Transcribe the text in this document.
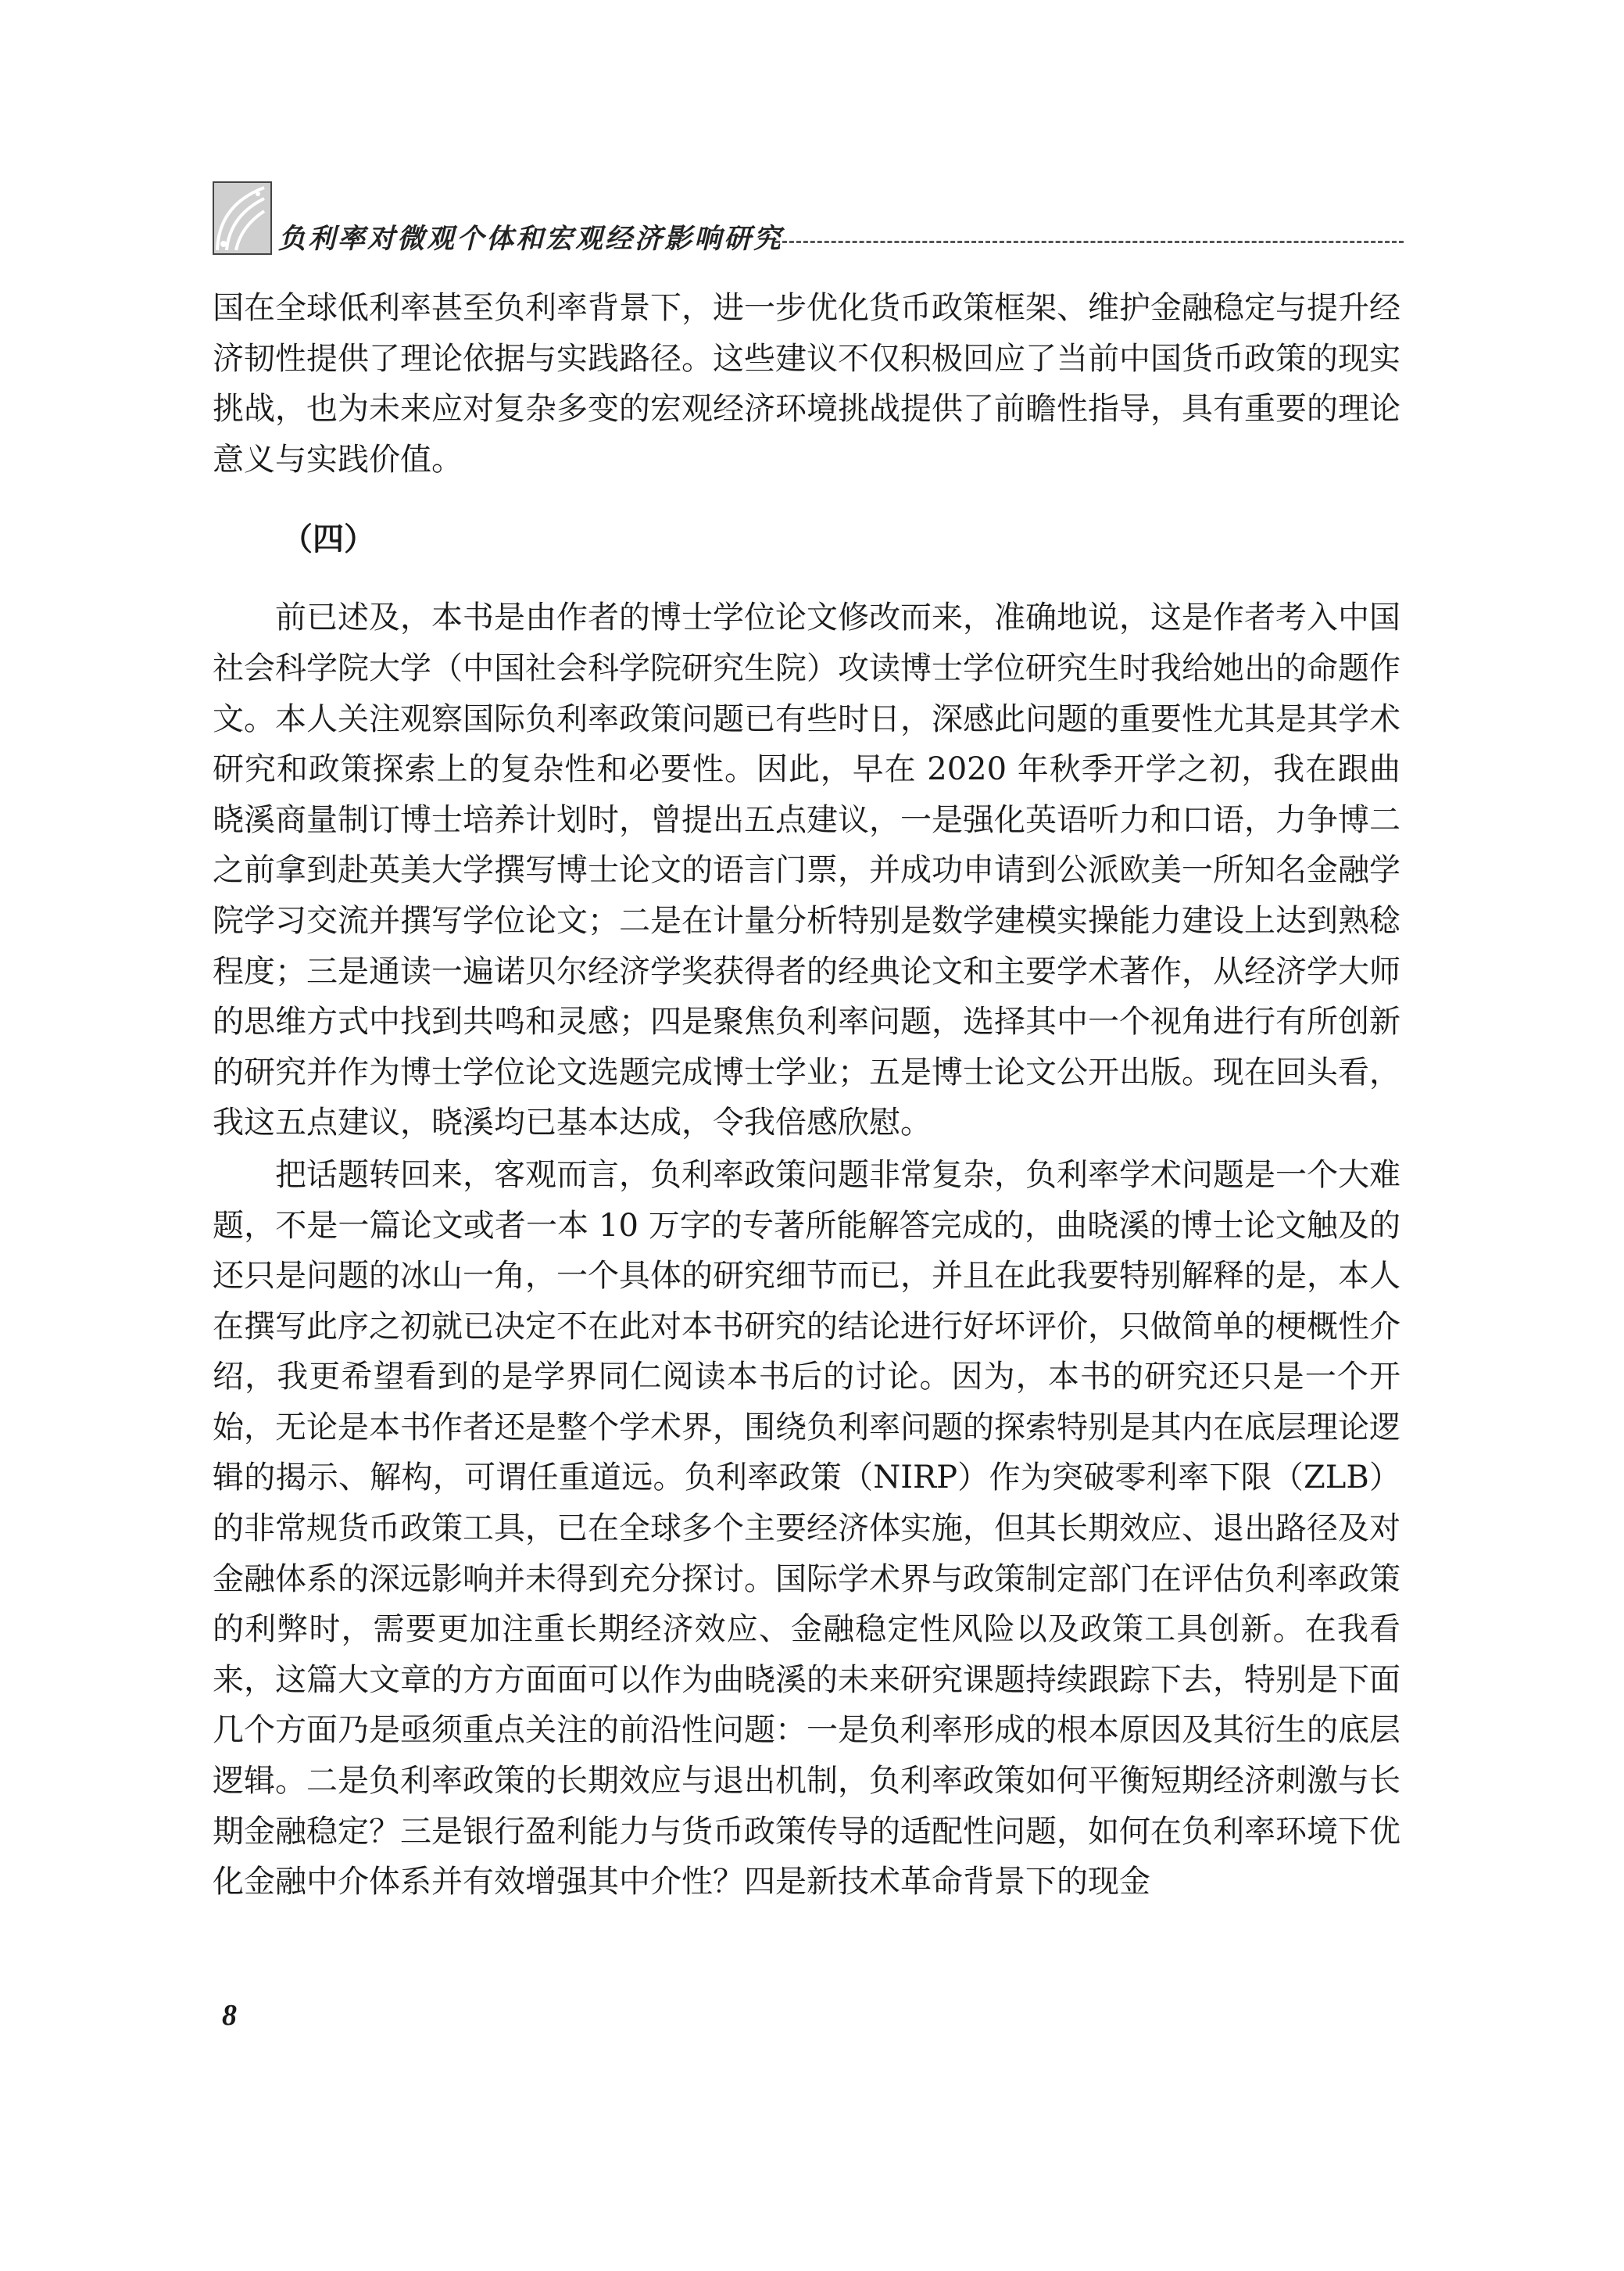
负利率对微观个体和宏观经济影响研究

国在全球低利率甚至负利率背景下，进一步优化货币政策框架、维护金融稳定与提升经济韧性提供了理论依据与实践路径。这些建议不仅积极回应了当前中国货币政策的现实挑战，也为未来应对复杂多变的宏观经济环境挑战提供了前瞻性指导，具有重要的理论意义与实践价值。

（四）

前已述及，本书是由作者的博士学位论文修改而来，准确地说，这是作者考入中国社会科学院大学（中国社会科学院研究生院）攻读博士学位研究生时我给她出的命题作文。本人关注观察国际负利率政策问题已有些时日，深感此问题的重要性尤其是其学术研究和政策探索上的复杂性和必要性。因此，早在 2020 年秋季开学之初，我在跟曲晓溪商量制订博士培养计划时，曾提出五点建议，一是强化英语听力和口语，力争博二之前拿到赴英美大学撰写博士论文的语言门票，并成功申请到公派欧美一所知名金融学院学习交流并撰写学位论文；二是在计量分析特别是数学建模实操能力建设上达到熟稔程度；三是通读一遍诺贝尔经济学奖获得者的经典论文和主要学术著作，从经济学大师的思维方式中找到共鸣和灵感；四是聚焦负利率问题，选择其中一个视角进行有所创新的研究并作为博士学位论文选题完成博士学业；五是博士论文公开出版。现在回头看，我这五点建议，晓溪均已基本达成，令我倍感欣慰。

把话题转回来，客观而言，负利率政策问题非常复杂，负利率学术问题是一个大难题，不是一篇论文或者一本 10 万字的专著所能解答完成的，曲晓溪的博士论文触及的还只是问题的冰山一角，一个具体的研究细节而已，并且在此我要特别解释的是，本人在撰写此序之初就已决定不在此对本书研究的结论进行好坏评价，只做简单的梗概性介绍，我更希望看到的是学界同仁阅读本书后的讨论。因为，本书的研究还只是一个开始，无论是本书作者还是整个学术界，围绕负利率问题的探索特别是其内在底层理论逻辑的揭示、解构，可谓任重道远。负利率政策（NIRP）作为突破零利率下限（ZLB）的非常规货币政策工具，已在全球多个主要经济体实施，但其长期效应、退出路径及对金融体系的深远影响并未得到充分探讨。国际学术界与政策制定部门在评估负利率政策的利弊时，需要更加注重长期经济效应、金融稳定性风险以及政策工具创新。在我看来，这篇大文章的方方面面可以作为曲晓溪的未来研究课题持续跟踪下去，特别是下面几个方面乃是亟须重点关注的前沿性问题：一是负利率形成的根本原因及其衍生的底层逻辑。二是负利率政策的长期效应与退出机制，负利率政策如何平衡短期经济刺激与长期金融稳定？三是银行盈利能力与货币政策传导的适配性问题，如何在负利率环境下优化金融中介体系并有效增强其中介性？四是新技术革命背景下的现金

8
